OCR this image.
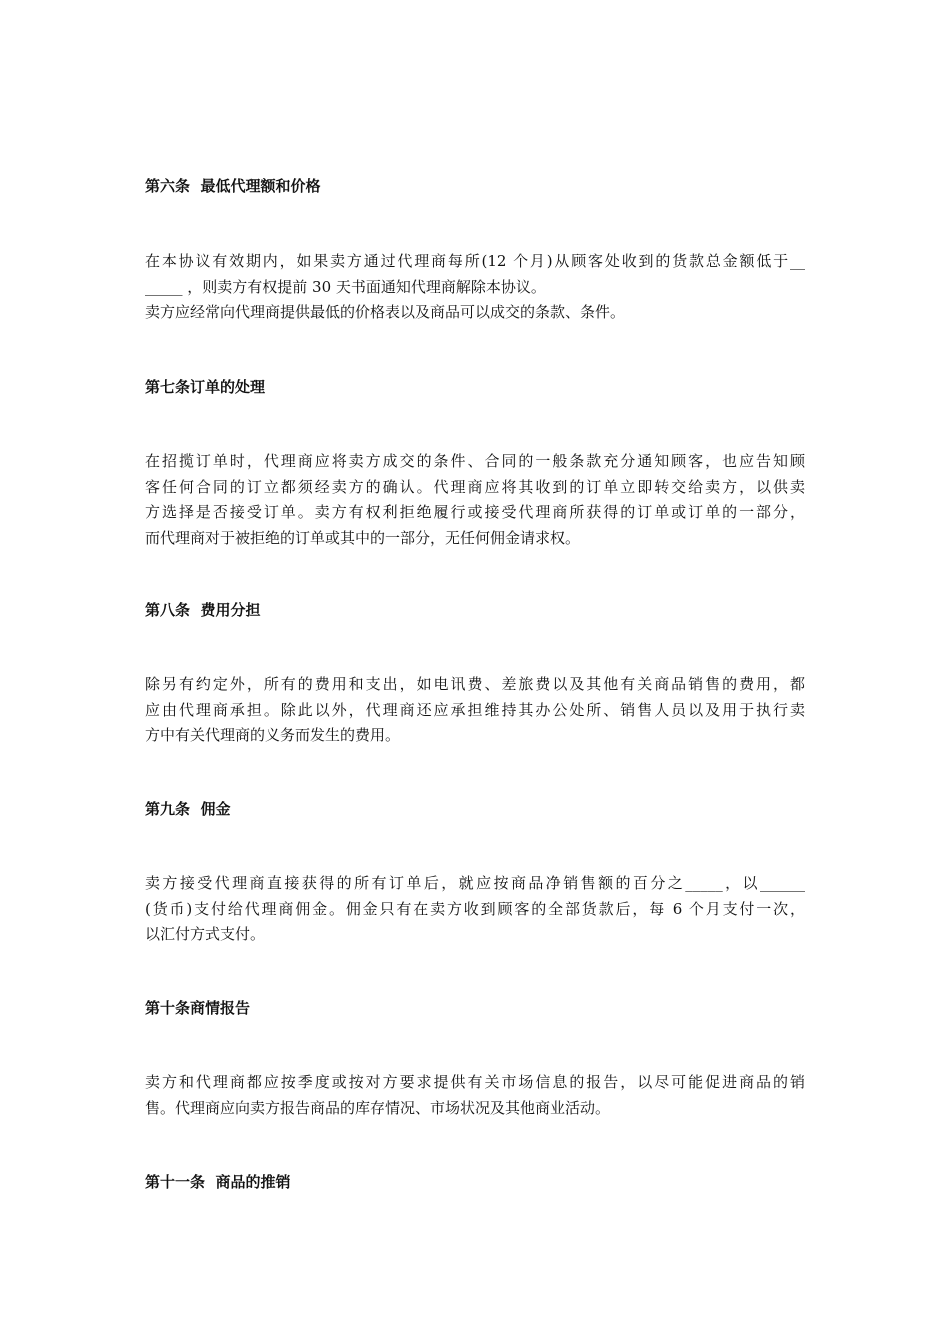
第六条  最低代理额和价格
在本协议有效期内，如果卖方通过代理商每所(12 个月)从顾客处收到的货款总金额低于__
_____ ，则卖方有权提前 30 天书面通知代理商解除本协议。
卖方应经常向代理商提供最低的价格表以及商品可以成交的条款、条件。
第七条订单的处理
在招揽订单时，代理商应将卖方成交的条件、合同的一般条款充分通知顾客，也应告知顾
客任何合同的订立都须经卖方的确认。代理商应将其收到的订单立即转交给卖方，以供卖
方选择是否接受订单。卖方有权利拒绝履行或接受代理商所获得的订单或订单的一部分，
而代理商对于被拒绝的订单或其中的一部分，无任何佣金请求权。
第八条  费用分担
除另有约定外，所有的费用和支出，如电讯费、差旅费以及其他有关商品销售的费用，都
应由代理商承担。除此以外，代理商还应承担维持其办公处所、销售人员以及用于执行卖
方中有关代理商的义务而发生的费用。
第九条  佣金
卖方接受代理商直接获得的所有订单后，就应按商品净销售额的百分之_____，以______
(货币)支付给代理商佣金。佣金只有在卖方收到顾客的全部货款后，每 6 个月支付一次，
以汇付方式支付。
第十条商情报告
卖方和代理商都应按季度或按对方要求提供有关市场信息的报告，以尽可能促进商品的销
售。代理商应向卖方报告商品的库存情况、市场状况及其他商业活动。
第十一条  商品的推销
